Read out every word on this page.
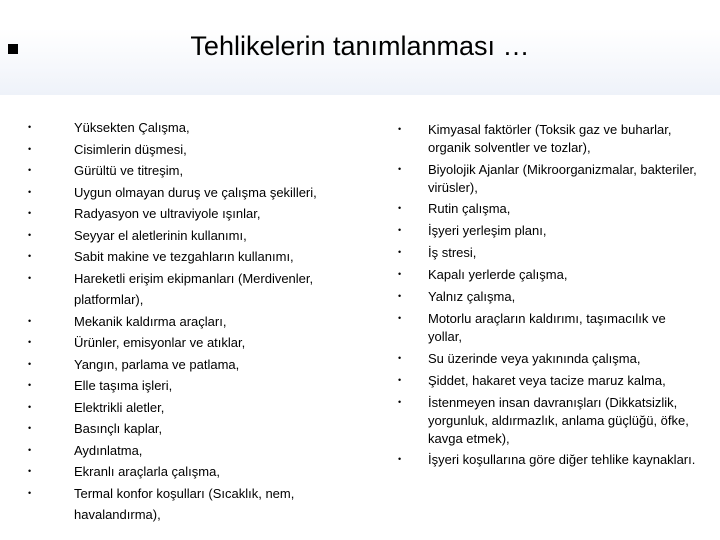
Tehlikelerin tanımlanması …
•	Yüksekten Çalışma,
•	Cisimlerin düşmesi,
•	Gürültü ve titreşim,
•	Uygun olmayan duruş ve çalışma şekilleri,
•	Radyasyon ve ultraviyole ışınlar,
•	Seyyar el aletlerinin kullanımı,
•	Sabit makine ve tezgahların kullanımı,
•	Hareketli erişim ekipmanları (Merdivenler, platformlar),
•	Mekanik kaldırma araçları,
•	Ürünler, emisyonlar ve atıklar,
•	Yangın, parlama ve patlama,
•	Elle taşıma işleri,
•	Elektrikli aletler,
•	Basınçlı kaplar,
•	Aydınlatma,
•	Ekranlı araçlarla çalışma,
•	Termal konfor koşulları (Sıcaklık, nem, havalandırma),
•	Kimyasal faktörler (Toksik gaz ve buharlar, organik solventler ve tozlar),
•	Biyolojik Ajanlar (Mikroorganizmalar, bakteriler, virüsler),
•	Rutin çalışma,
•	İşyeri yerleşim planı,
•	İş stresi,
•	Kapalı yerlerde çalışma,
•	Yalnız çalışma,
•	Motorlu araçların kaldırımı, taşımacılık ve yollar,
•	Su üzerinde veya yakınında çalışma,
•	Şiddet, hakaret veya tacize maruz kalma,
•	İstenmeyen insan davranışları (Dikkatsizlik, yorgunluk, aldırmazlık, anlama güçlüğü, öfke, kavga etmek),
•	İşyeri koşullarına göre diğer tehlike kaynakları.
